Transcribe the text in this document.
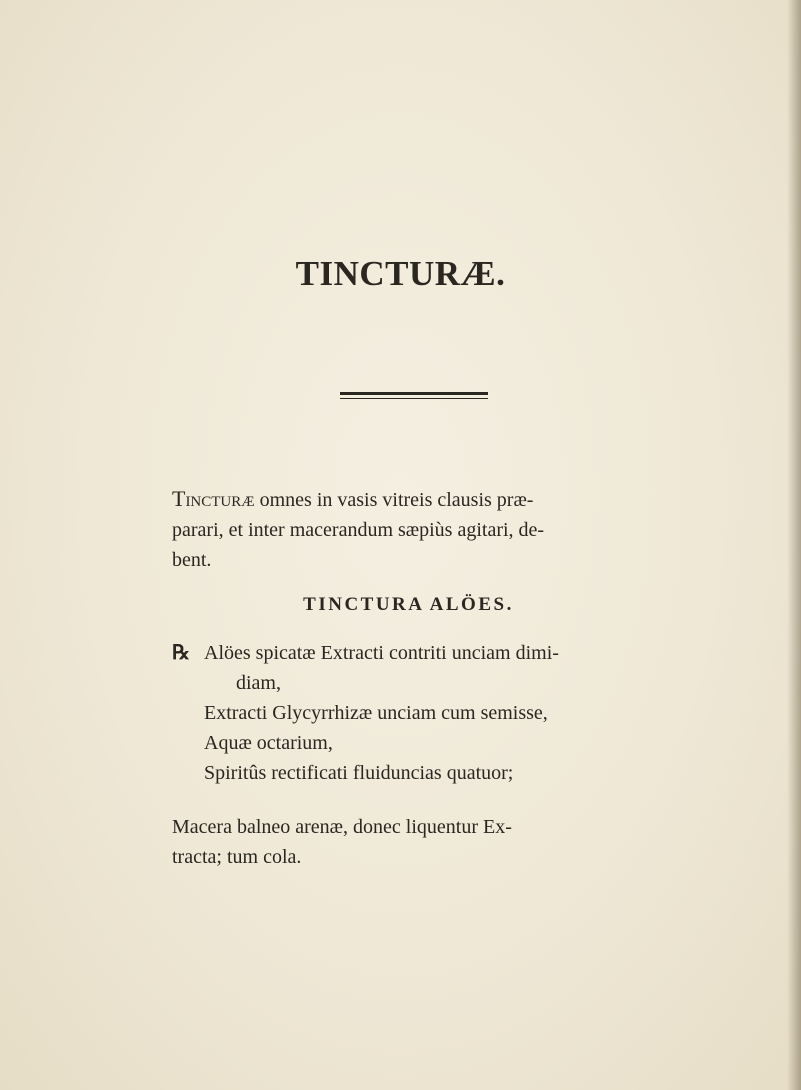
TINCTURÆ.

Tincturæ omnes in vasis vitreis clausis præ-
parari, et inter macerandum sæpiùs agitari, de-
bent.

TINCTURA ALÖES.
℞ Alöes spicatæ Extracti contriti unciam dimi-
diam,
Extracti Glycyrrhizæ unciam cum semisse,
Aquæ octarium,
Spiritûs rectificati fluiduncias quatuor;

Macera balneo arenæ, donec liquentur Ex-
tracta; tum cola.
